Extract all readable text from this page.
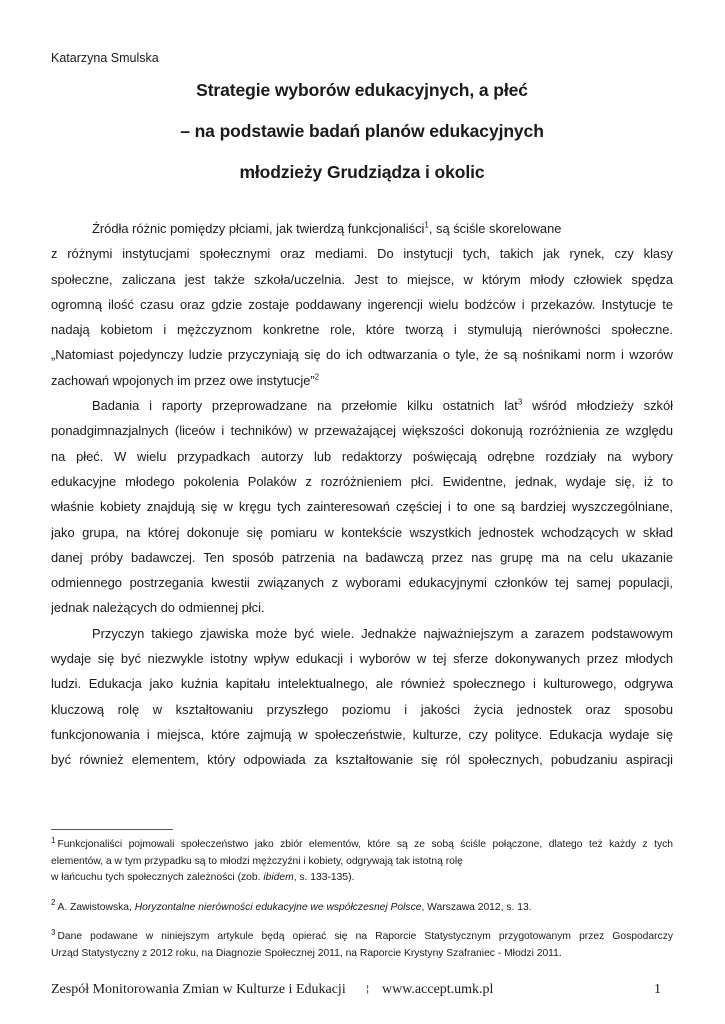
Katarzyna Smulska
Strategie wyborów edukacyjnych, a płeć
– na podstawie badań planów edukacyjnych
młodzieży Grudziądza i okolic
Źródła różnic pomiędzy płciami, jak twierdzą funkcjonaliści$^1$, są ściśle skorelowane
z różnymi instytucjami społecznymi oraz mediami. Do instytucji tych, takich jak rynek, czy klasy
społeczne, zaliczana jest także szkoła/uczelnia. Jest to miejsce, w którym młody człowiek spędza
ogromną ilość czasu oraz gdzie zostaje poddawany ingerencji wielu bodźców i przekazów. Instytucje te
nadają kobietom i mężczyznom konkretne role, które tworzą i stymulują nierówności społeczne.
„Natomiast pojedynczy ludzie przyczyniają się do ich odtwarzania o tyle, że są nośnikami norm i wzorów
zachowań wpojonych im przez owe instytucje”$^2$
Badania i raporty przeprowadzane na przełomie kilku ostatnich lat$^3$ wśród młodzieży szkół
ponadgimnazjalnych (liceów i techników) w przeważającej większości dokonują rozróżnienia ze względu
na płeć. W wielu przypadkach autorzy lub redaktorzy poświęcają odrębne rozdziały na wybory
edukacyjne młodego pokolenia Polaków z rozróżnieniem płci. Ewidentne, jednak, wydaje się, iż to
właśnie kobiety znajdują się w kręgu tych zainteresowań częściej i to one są bardziej wyszczególniane,
jako grupa, na której dokonuje się pomiaru w kontekście wszystkich jednostek wchodzących w skład
danej próby badawczej. Ten sposób patrzenia na badawczą przez nas grupę ma na celu ukazanie
odmiennego postrzegania kwestii związanych z wyborami edukacyjnymi członków tej samej populacji,
jednak należących do odmiennej płci.
Przyczyn takiego zjawiska może być wiele. Jednakże najważniejszym a zarazem podstawowym
wydaje się być niezwykle istotny wpływ edukacji i wyborów w tej sferze dokonywanych przez młodych
ludzi. Edukacja jako kuźnia kapitału intelektualnego, ale również społecznego i kulturowego, odgrywa
kluczową rolę w kształtowaniu przyszłego poziomu i jakości życia jednostek oraz sposobu
funkcjonowania i miejsca, które zajmują w społeczeństwie, kulturze, czy polityce. Edukacja wydaje się
być również elementem, który odpowiada za kształtowanie się ról społecznych, pobudzaniu aspiracji
$^1$ Funkcjonaliści pojmowali społeczeństwo jako zbiór elementów, które są ze sobą ściśle połączone, dlatego też każdy z tych
elementów, a w tym przypadku są to młodzi mężczyźni i kobiety, odgrywają tak istotną rolę
w łańcuchu tych społecznych zależności (zob. ibidem, s. 133-135).
$^2$ A. Zawistowska, Horyzontalne nierówności edukacyjne we współczesnej Polsce, Warszawa 2012, s. 13.
$^3$ Dane podawane w niniejszym artykule będą opierać się na Raporcie Statystycznym przygotowanym przez Gospodarczy
Urząd Statystyczny z 2012 roku, na Diagnozie Społecznej 2011, na Raporcie Krystyny Szafraniec - Młodzi 2011.
Zespół Monitorowania Zmian w Kulturze i Edukacji ¦ www.accept.umk.pl	1
